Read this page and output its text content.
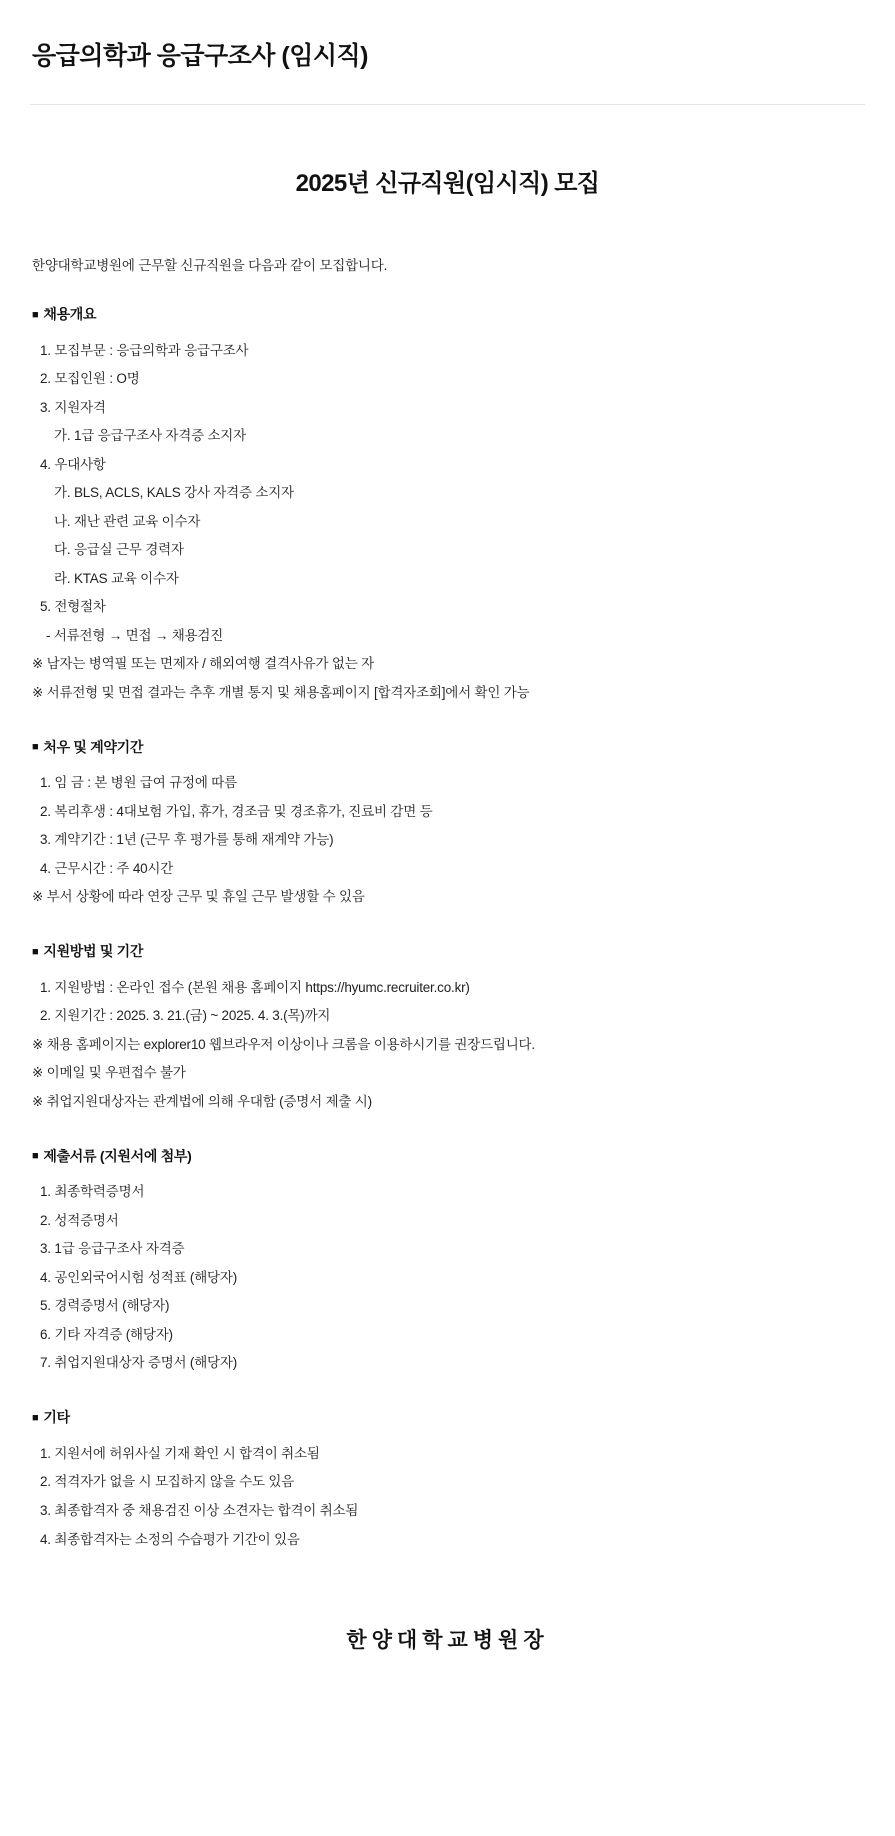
응급의학과 응급구조사 (임시직)
2025년 신규직원(임시직) 모집

한양대학교병원에 근무할 신규직원을 다음과 같이 모집합니다.

■ 채용개요

1. 모집부문 : 응급의학과 응급구조사

2. 모집인원 : O명

3. 지원자격

가. 1급 응급구조사 자격증 소지자

4. 우대사항

가. BLS, ACLS, KALS 강사 자격증 소지자

나. 재난 관련 교육 이수자

다. 응급실 근무 경력자

라. KTAS 교육 이수자

5. 전형절차

- 서류전형 → 면접 → 채용검진

※ 남자는 병역필 또는 면제자 / 해외여행 결격사유가 없는 자

※ 서류전형 및 면접 결과는 추후 개별 통지 및 채용홈페이지 [합격자조회]에서 확인 가능

■ 처우 및 계약기간

1. 임 금 : 본 병원 급여 규정에 따름

2. 복리후생 : 4대보험 가입, 휴가, 경조금 및 경조휴가, 진료비 감면 등

3. 계약기간 : 1년 (근무 후 평가를 통해 재계약 가능)

4. 근무시간 : 주 40시간

※ 부서 상황에 따라 연장 근무 및 휴일 근무 발생할 수 있음

■ 지원방법 및 기간

1. 지원방법 : 온라인 접수 (본원 채용 홈페이지 https://hyumc.recruiter.co.kr)

2. 지원기간 : 2025. 3. 21.(금) ~ 2025. 4. 3.(목)까지

※ 채용 홈페이지는 explorer10 웹브라우저 이상이나 크롬을 이용하시기를 권장드립니다.

※ 이메일 및 우편접수 불가

※ 취업지원대상자는 관계법에 의해 우대함 (증명서 제출 시)

■ 제출서류 (지원서에 첨부)

1. 최종학력증명서

2. 성적증명서

3. 1급 응급구조사 자격증

4. 공인외국어시험 성적표 (해당자)

5. 경력증명서 (해당자)

6. 기타 자격증 (해당자)

7. 취업지원대상자 증명서 (해당자)

■ 기타

1. 지원서에 허위사실 기재 확인 시 합격이 취소됨

2. 적격자가 없을 시 모집하지 않을 수도 있음

3. 최종합격자 중 채용검진 이상 소견자는 합격이 취소됨

4. 최종합격자는 소정의 수습평가 기간이 있음

한양대학교병원장
